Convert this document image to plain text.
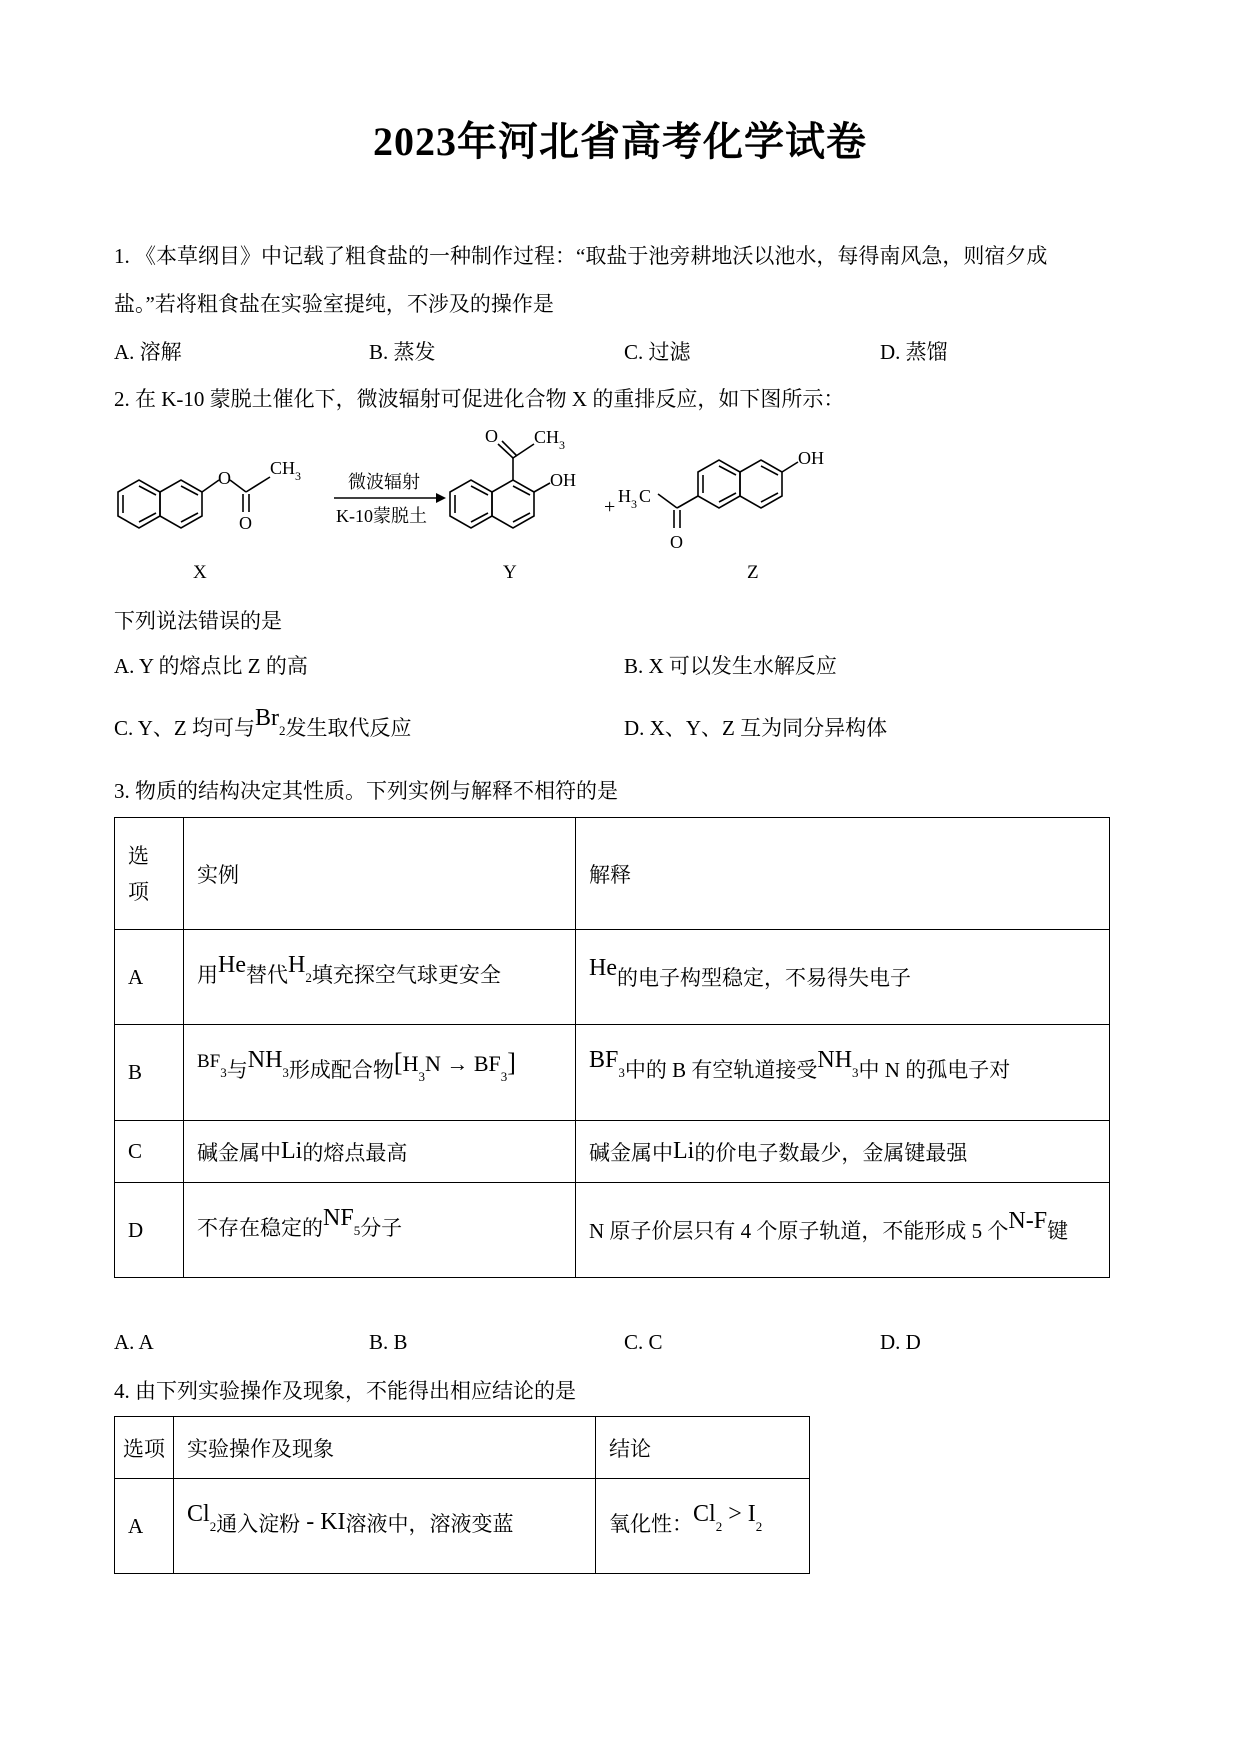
2023年河北省高考化学试卷
1. 《本草纲目》中记载了粗食盐的一种制作过程：“取盐于池旁耕地沃以池水，每得南风急，则宿夕成
盐。”若将粗食盐在实验室提纯，不涉及的操作是
A. 溶解	B. 蒸发	C. 过滤	D. 蒸馏
2. 在 K-10 蒙脱土催化下，微波辐射可促进化合物 X 的重排反应，如下图所示：
O
O
C H 3
X
微波辐射
K-10蒙脱土
O C H 3
OH
Y
+ H 3 C
O
OH
Z
下列说法错误的是
A. Y 的熔点比 Z 的高	B. X 可以发生水解反应
C. Y、Z 均可与$Br_2$发生取代反应	D. X、Y、Z 互为同分异构体
3. 物质的结构决定其性质。下列实例与解释不相符的是
选
项	实例	解释
A	用He替代$H_2$填充探空气球更安全	He的电子构型稳定，不易得失电子
B	$BF_3$与$NH_3$形成配合物$[H_3N \to BF_3]$	$BF_3$中的 B 有空轨道接受$NH_3$中 N 的孤电子对
C	碱金属中Li的熔点最高	碱金属中Li的价电子数最少，金属键最强
D	不存在稳定的$NF_5$分子	N 原子价层只有 4 个原子轨道，不能形成 5 个N-F键
A. A	B. B	C. C	D. D
4. 由下列实验操作及现象，不能得出相应结论的是
选项	实验操作及现象	结论
A	$Cl_2$通入淀粉 - KI溶液中，溶液变蓝	氧化性：$Cl_2 > I_2$
